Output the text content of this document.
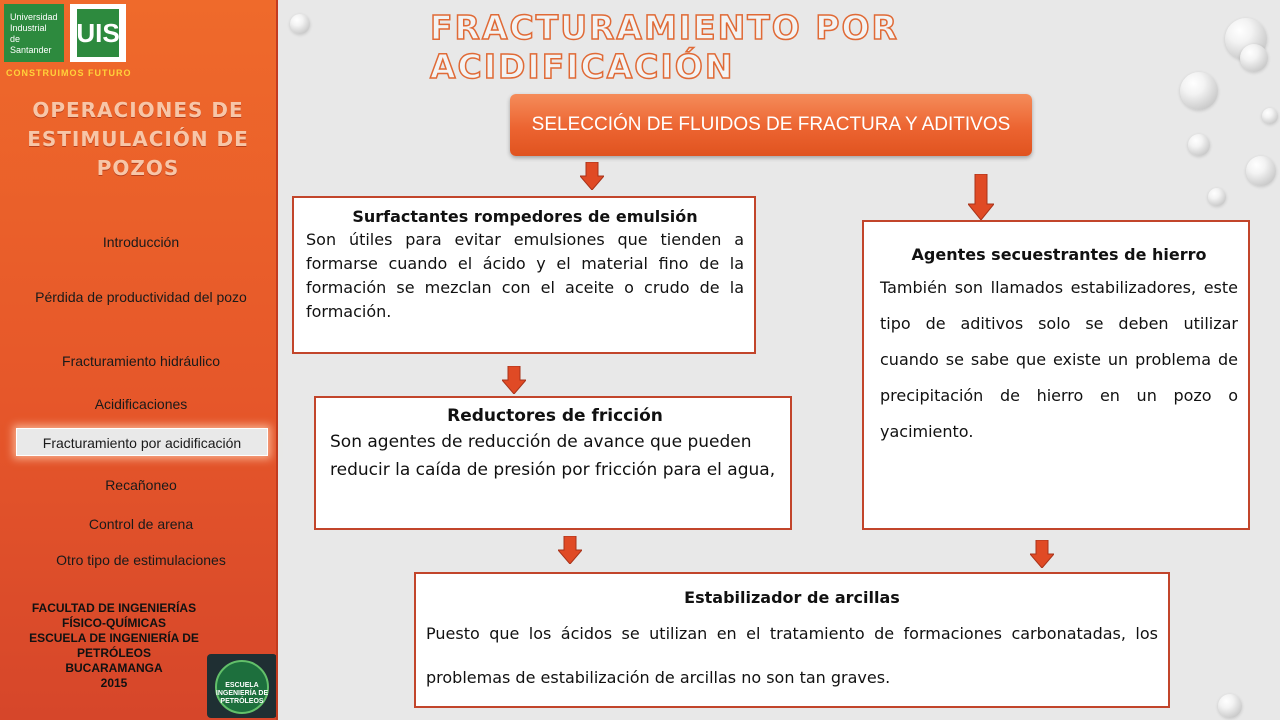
Universidad Industrial de Santander
UIS
CONSTRUIMOS FUTURO
OPERACIONES DE
ESTIMULACIÓN DE
POZOS
Introducción
Pérdida de productividad del pozo
Fracturamiento hidráulico
Acidificaciones
Fracturamiento por acidificación
Recañoneo
Control de arena
Otro tipo de estimulaciones
FACULTAD DE INGENIERÍAS
FÍSICO-QUÍMICAS
ESCUELA DE INGENIERÍA DE
PETRÓLEOS
BUCARAMANGA
2015	ESCUELA INGENIERÍA DE PETRÓLEOS
FRACTURAMIENTO POR ACIDIFICACIÓN
SELECCIÓN DE FLUIDOS DE FRACTURA Y ADITIVOS
Surfactantes rompedores de emulsión
Son útiles para evitar emulsiones que tienden a formarse cuando el ácido y el material fino de la formación se mezclan con el aceite o crudo de la formación.
Reductores de fricción
Son agentes de reducción de avance que pueden reducir la caída de presión por fricción para el agua,
Agentes secuestrantes de hierro
También son llamados estabilizadores, este tipo de aditivos solo se deben utilizar cuando se sabe que existe un problema de precipitación de hierro en un pozo o yacimiento.
Estabilizador de arcillas
Puesto que los ácidos se utilizan en el tratamiento de formaciones carbonatadas, los problemas de estabilización de arcillas no son tan graves.
